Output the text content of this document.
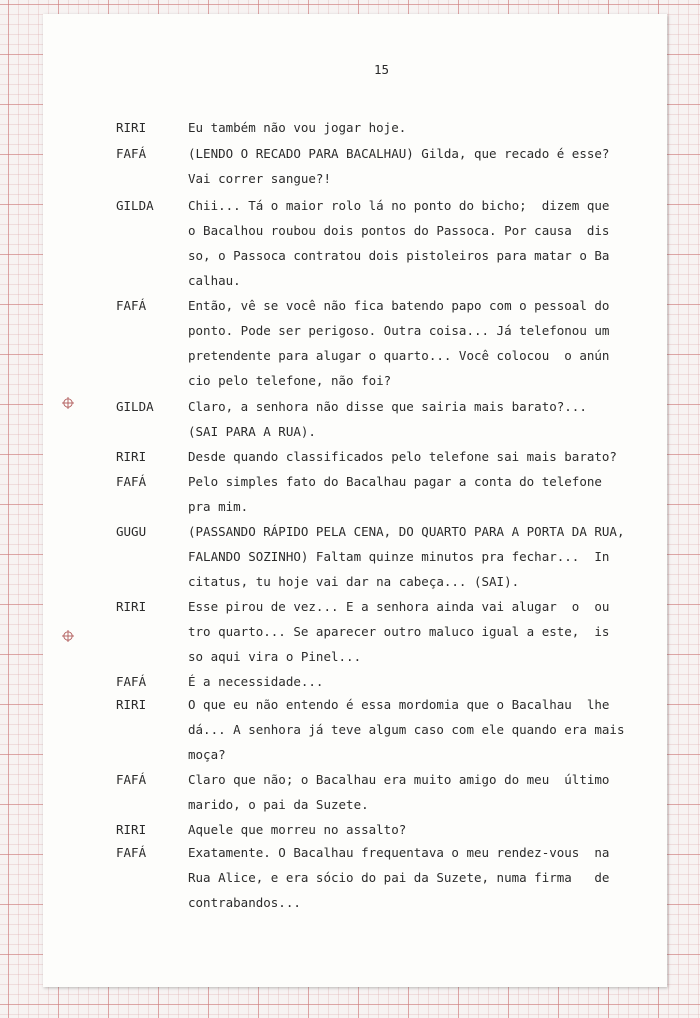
15
RIRI	Eu também não vou jogar hoje.
FAFÁ	(LENDO O RECADO PARA BACALHAU) Gilda, que recado é esse?
Vai correr sangue?!
GILDA	Chii... Tá o maior rolo lá no ponto do bicho;  dizem que
o Bacalhou roubou dois pontos do Passoca. Por causa  dis
so, o Passoca contratou dois pistoleiros para matar o Ba
calhau.
FAFÁ	Então, vê se você não fica batendo papo com o pessoal do
ponto. Pode ser perigoso. Outra coisa... Já telefonou um
pretendente para alugar o quarto... Você colocou  o anún
cio pelo telefone, não foi?
GILDA	Claro, a senhora não disse que sairia mais barato?...
(SAI PARA A RUA).
RIRI	Desde quando classificados pelo telefone sai mais barato?
FAFÁ	Pelo simples fato do Bacalhau pagar a conta do telefone
pra mim.
GUGU	(PASSANDO RÁPIDO PELA CENA, DO QUARTO PARA A PORTA DA RUA,
FALANDO SOZINHO) Faltam quinze minutos pra fechar...  In
citatus, tu hoje vai dar na cabeça... (SAI).
RIRI	Esse pirou de vez... E a senhora ainda vai alugar  o  ou
tro quarto... Se aparecer outro maluco igual a este,  is
so aqui vira o Pinel...
FAFÁ	É a necessidade...
RIRI	O que eu não entendo é essa mordomia que o Bacalhau  lhe
dá... A senhora já teve algum caso com ele quando era mais
moça?
FAFÁ	Claro que não; o Bacalhau era muito amigo do meu  último
marido, o pai da Suzete.
RIRI	Aquele que morreu no assalto?
FAFÁ	Exatamente. O Bacalhau frequentava o meu rendez-vous  na
Rua Alice, e era sócio do pai da Suzete, numa firma   de
contrabandos...
